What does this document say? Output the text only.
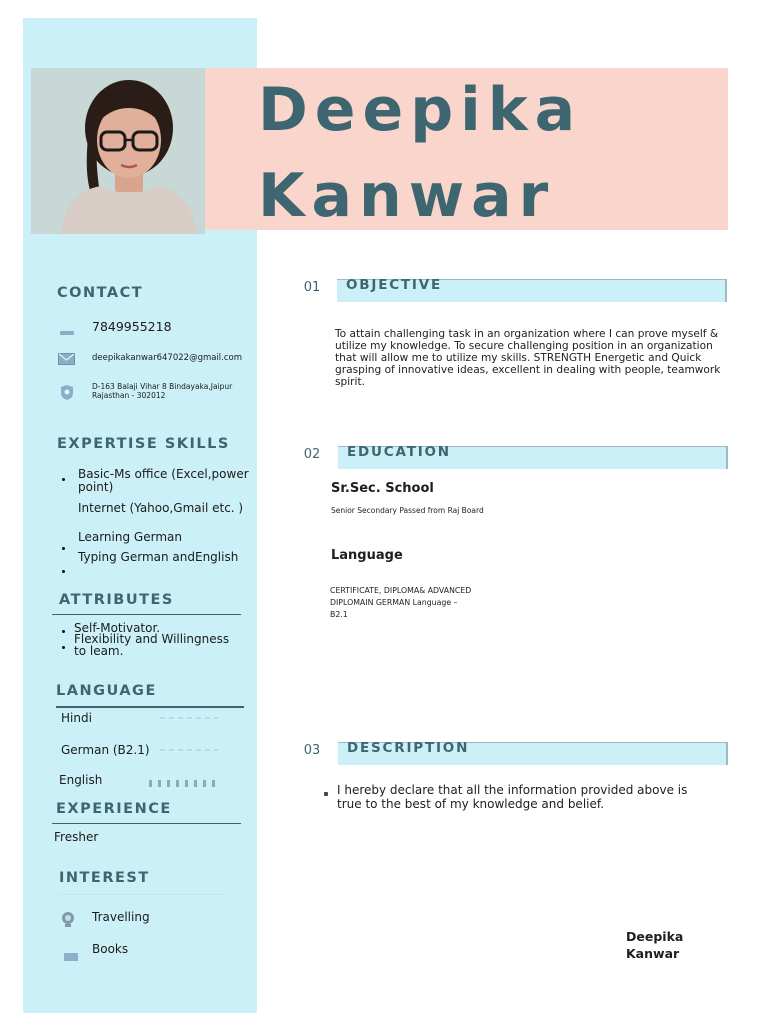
Deepika
Kanwar
CONTACT
7849955218
deepikakanwar647022@gmail.com
D-163 Balaji Vihar 8 Bindayaka,Jaipur
Rajasthan - 302012
EXPERTISE SKILLS
Basic-Ms office (Excel,power point)
Internet (Yahoo,Gmail etc. )
Learning German
Typing German andEnglish
ATTRIBUTES
Self-Motivator.
Flexibility and Willingness to leam.
LANGUAGE
Hindi
German (B2.1)
English
EXPERIENCE
Fresher
INTEREST
Travelling
Books
01	OBJECTIVE
To attain challenging task in an organization where I can prove myself & utilize my knowledge. To secure challenging position in an organization that will allow me to utilize my skills. STRENGTH Energetic and Quick grasping of innovative ideas, excellent in dealing with people, teamwork spirit.
02	EDUCATION
Sr.Sec. School
Senior Secondary Passed from Raj Board
Language
CERTIFICATE, DIPLOMA& ADVANCED
DIPLOMAIN GERMAN Language –
B2.1
03	DESCRIPTION
I hereby declare that all the information provided above is true to the best of my knowledge and belief.
Deepika
Kanwar
